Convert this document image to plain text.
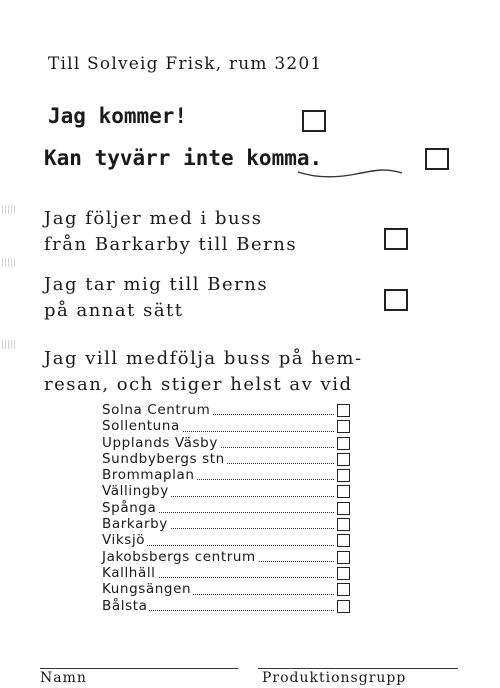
Till Solveig Frisk, rum 3201
Jag kommer!
Kan tyvärr inte komma.
Jag följer med i buss
från Barkarby till Berns
Jag tar mig till Berns
på annat sätt
Jag vill medfölja buss på hem-
resan, och stiger helst av vid
Solna Centrum
Sollentuna
Upplands Väsby
Sundbybergs stn
Brommaplan
Vällingby
Spånga
Barkarby
Viksjö
Jakobsbergs centrum
Kallhäll
Kungsängen
Bålsta
Namn	Produktionsgrupp
